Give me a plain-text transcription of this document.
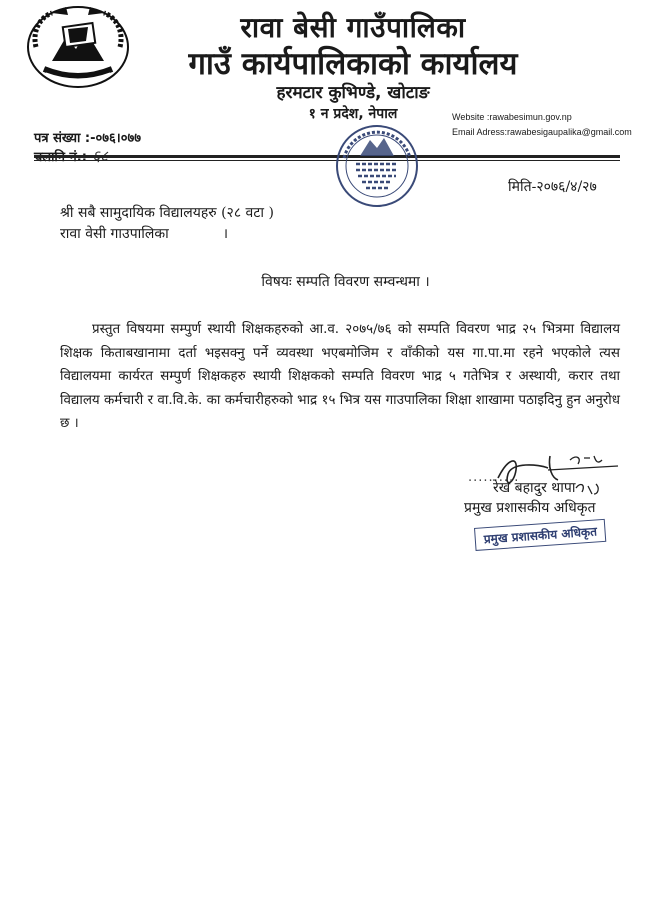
रावा बेसी गाउँपालिका
गाउँ कार्यपालिकाको कार्यालय
हरमटार कुभिण्डे, खोटाङ
१ न प्रदेश, नेपाल	Website :rawabesimun.gov.np
Email Adress:rawabesigaupalika@gmail.com
पत्र संख्या :-०७६।०७७
मिति-२०७६/४/२७
श्री सबै सामुदायिक विद्यालयहरु (२८ वटा )
रावा वेसी गाउपालिका	।
विषयः सम्पति विवरण सम्वन्धमा ।
प्रस्तुत विषयमा सम्पुर्ण स्थायी शिक्षकहरुको आ.व. २०७५/७६ को सम्पति विवरण भाद्र २५ भित्रमा विद्यालय शिक्षक किताबखानामा दर्ता भइसक्नु पर्ने व्यवस्था भएबमोजिम र वाँकीको यस गा.पा.मा रहने भएकोले त्यस विद्यालयमा कार्यरत सम्पुर्ण शिक्षकहरु स्थायी शिक्षकको सम्पति विवरण भाद्र ५ गतेभित्र र अस्थायी, करार तथा विद्यालय कर्मचारी र वा.वि.के. का कर्मचारीहरुको भाद्र १५ भित्र यस गाउपालिका शिक्षा शाखामा पठाइदिनु हुन अनुरोध छ ।
..........
रेख बहादुर थापा
प्रमुख प्रशासकीय अधिकृत
प्रमुख प्रशासकीय अधिकृत
